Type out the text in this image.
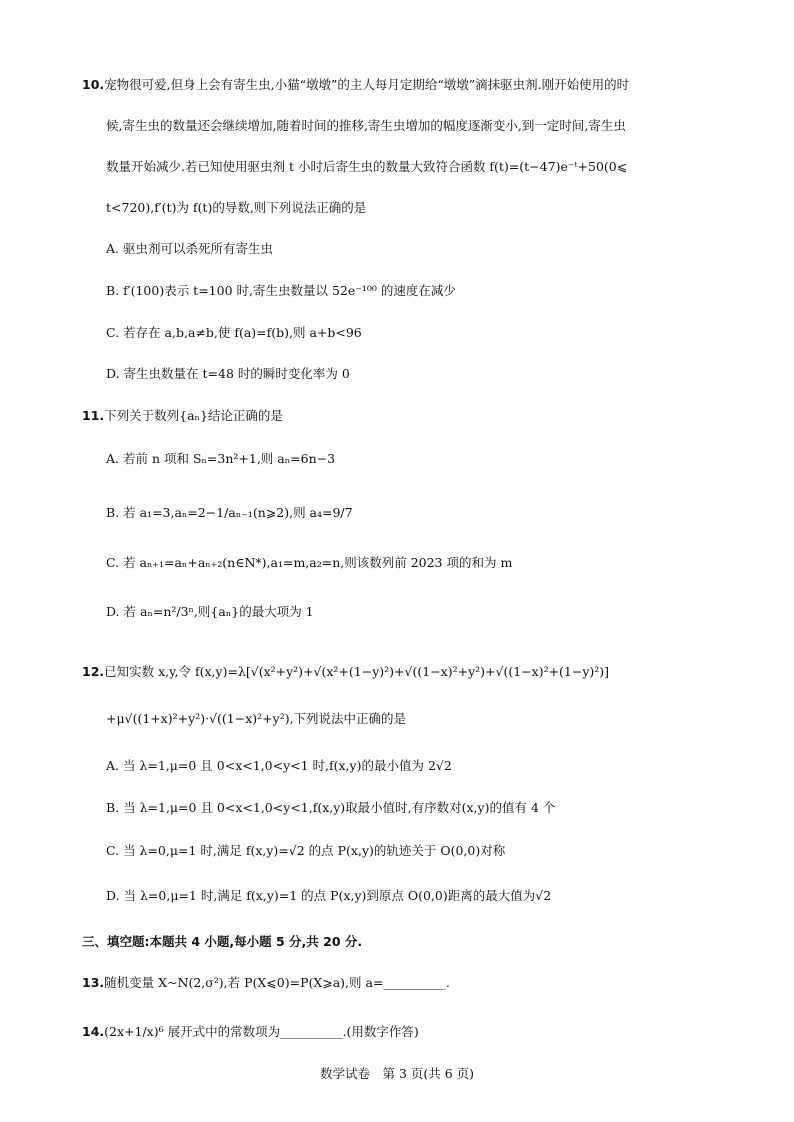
10.宠物很可爱,但身上会有寄生虫,小猫“墩墩”的主人每月定期给“墩墩”滴抹驱虫剂.刚开始使用的时
候,寄生虫的数量还会继续增加,随着时间的推移,寄生虫增加的幅度逐渐变小,到一定时间,寄生虫
数量开始减少.若已知使用驱虫剂 t 小时后寄生虫的数量大致符合函数 f(t)=(t−47)e⁻ᵗ+50(0⩽
t<720),f′(t)为 f(t)的导数,则下列说法正确的是
A. 驱虫剂可以杀死所有寄生虫
B. f′(100)表示 t=100 时,寄生虫数量以 52e⁻¹⁰⁰ 的速度在减少
C. 若存在 a,b,a≠b,使 f(a)=f(b),则 a+b<96
D. 寄生虫数量在 t=48 时的瞬时变化率为 0
11.下列关于数列{aₙ}结论正确的是
A. 若前 n 项和 Sₙ=3n²+1,则 aₙ=6n−3
B. 若 a₁=3,aₙ=2−1/aₙ₋₁(n⩾2),则 a₄=9/7
C. 若 aₙ₊₁=aₙ+aₙ₊₂(n∈N*),a₁=m,a₂=n,则该数列前 2023 项的和为 m
D. 若 aₙ=n²/3ⁿ,则{aₙ}的最大项为 1
12.已知实数 x,y,令 f(x,y)=λ[√(x²+y²)+√(x²+(1−y)²)+√((1−x)²+y²)+√((1−x)²+(1−y)²)]
+μ√((1+x)²+y²)·√((1−x)²+y²),下列说法中正确的是
A. 当 λ=1,μ=0 且 0<x<1,0<y<1 时,f(x,y)的最小值为 2√2
B. 当 λ=1,μ=0 且 0<x<1,0<y<1,f(x,y)取最小值时,有序数对(x,y)的值有 4 个
C. 当 λ=0,μ=1 时,满足 f(x,y)=√2 的点 P(x,y)的轨迹关于 O(0,0)对称
D. 当 λ=0,μ=1 时,满足 f(x,y)=1 的点 P(x,y)到原点 O(0,0)距离的最大值为√2
三、填空题:本题共 4 小题,每小题 5 分,共 20 分.
13.随机变量 X~N(2,σ²),若 P(X⩽0)=P(X⩾a),则 a=__________.
14.(2x+1/x)⁶ 展开式中的常数项为__________.(用数字作答)
数学试卷　第 3 页(共 6 页)
